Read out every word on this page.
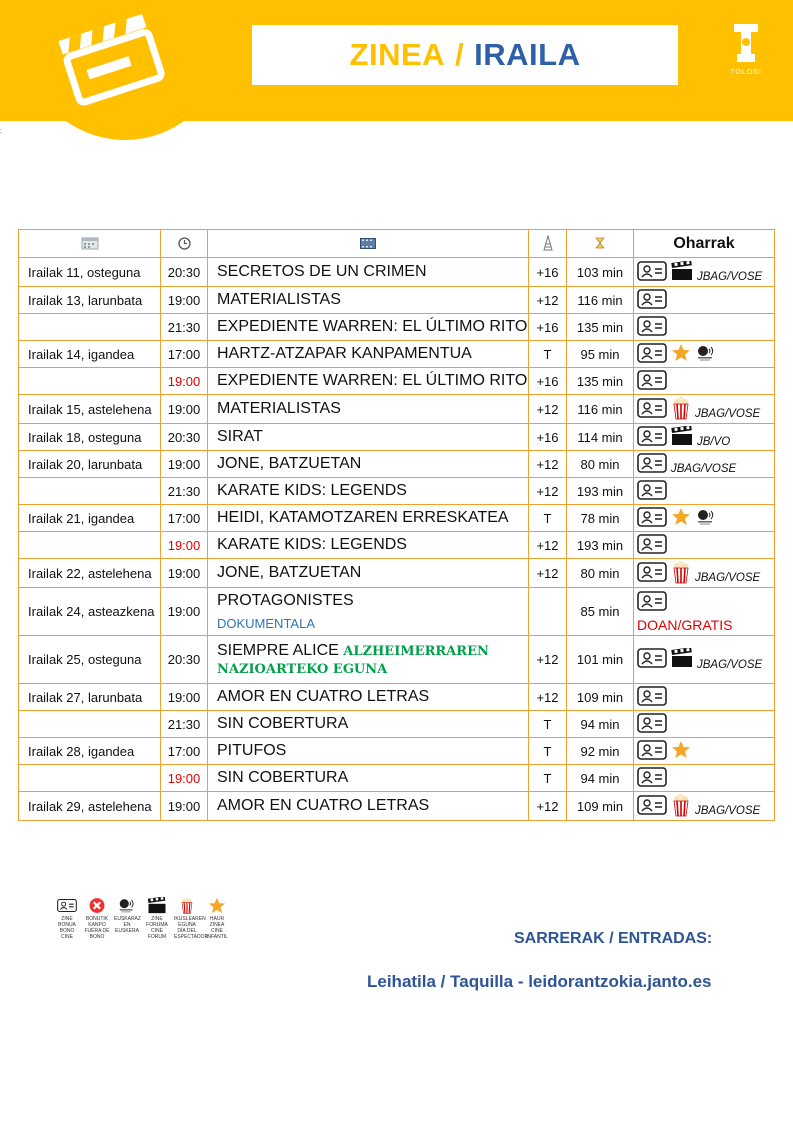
ZINEA / IRAILA
TOLOSI
:
					Oharrak
Irailak 11, osteguna	20:30	SECRETOS DE UN CRIMEN	+16	103 min	JBAG/VOSE

Irailak 13, larunbata	19:00	MATERIALISTAS	+12	116 min	

	21:30	EXPEDIENTE WARREN: EL ÚLTIMO RITO	+16	135 min	

Irailak 14, igandea	17:00	HARTZ-ATZAPAR KANPAMENTUA	T	95 min	

	19:00	EXPEDIENTE WARREN: EL ÚLTIMO RITO	+16	135 min	

Irailak 15, astelehena	19:00	MATERIALISTAS	+12	116 min	JBAG/VOSE

Irailak 18, osteguna	20:30	SIRAT	+16	114 min	JB/VO

Irailak 20, larunbata	19:00	JONE, BATZUETAN	+12	80 min	JBAG/VOSE

	21:30	KARATE KIDS: LEGENDS	+12	193 min	

Irailak 21, igandea	17:00	HEIDI, KATAMOTZAREN ERRESKATEA	T	78 min	

	19:00	KARATE KIDS: LEGENDS	+12	193 min	

Irailak 22, astelehena	19:00	JONE, BATZUETAN	+12	80 min	JBAG/VOSE

Irailak 24, asteazkena	19:00	PROTAGONISTES
DOKUMENTALA		85 min	DOAN/GRATIS

Irailak 25, osteguna	20:30	SIEMPRE ALICE ALZHEIMERRAREN NAZIOARTEKO EGUNA	+12	101 min	JBAG/VOSE

Irailak 27, larunbata	19:00	AMOR EN CUATRO LETRAS	+12	109 min	

	21:30	SIN COBERTURA	T	94 min	

Irailak 28, igandea	17:00	PITUFOS	T	92 min	

	19:00	SIN COBERTURA	T	94 min	

Irailak 29, astelehena	19:00	AMOR EN CUATRO LETRAS	+12	109 min	JBAG/VOSE
ZINE BONUA
BONO CINE
BONUTIK KANPO
FUERA DE BONO
EUSKARAZ
EN EUSKERA
ZINE FORUMA
CINE FORUM
IKUSLEAREN EGUNA
DÍA DEL ESPECTADOR
HAUR ZINEA
CINE INFANTIL	SARRERAK / ENTRADAS:
Leihatila / Taquilla - leidorantzokia.janto.es
